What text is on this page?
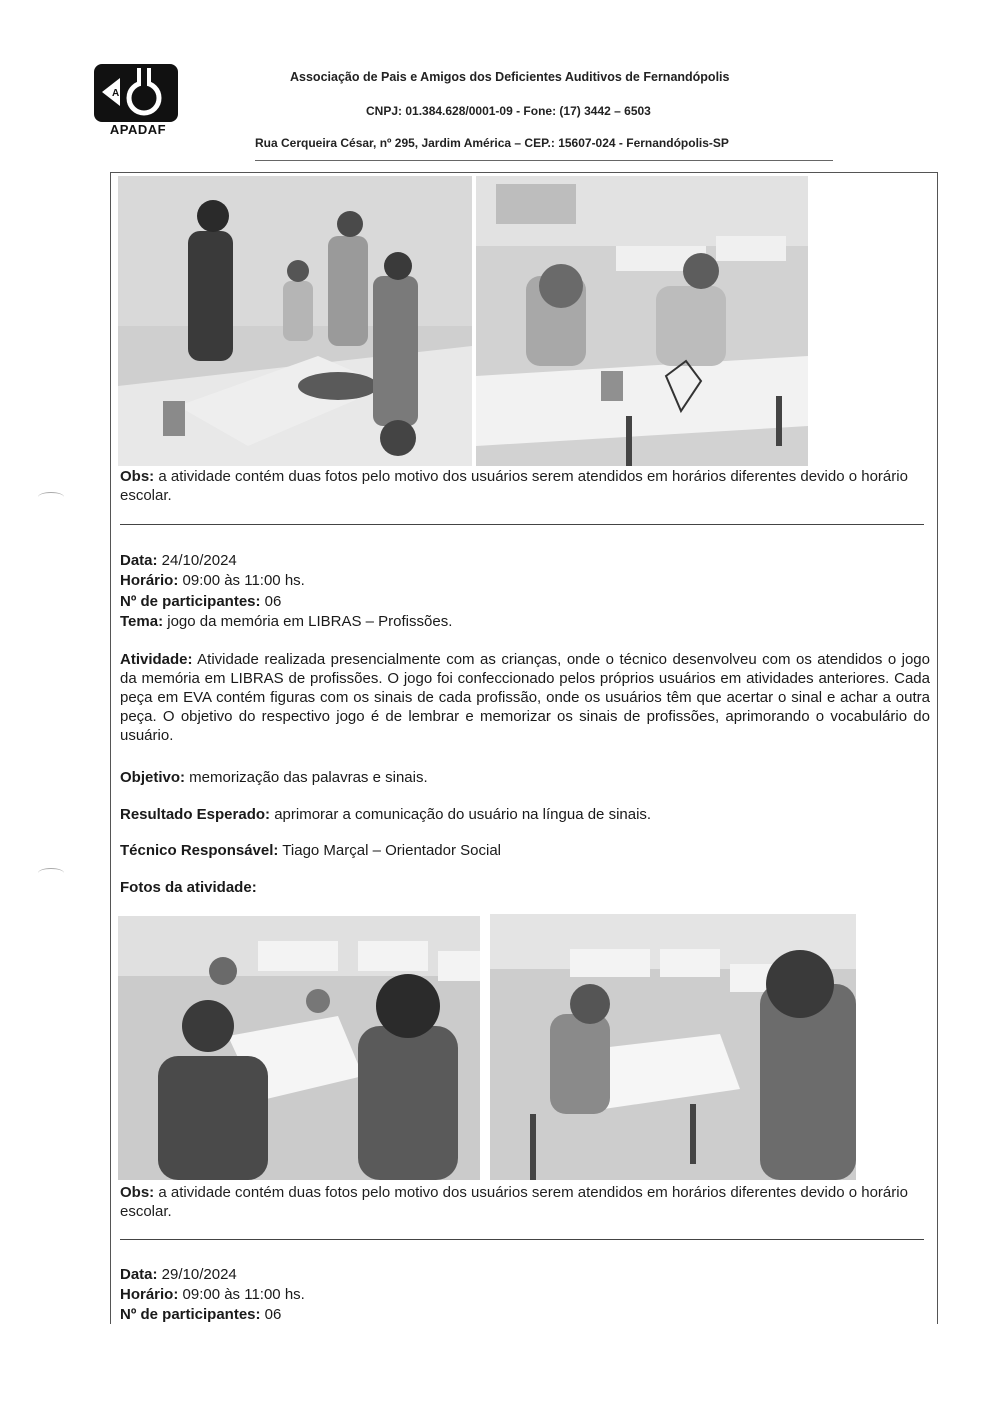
A
APADAF
Associação de Pais e Amigos dos Deficientes Auditivos de Fernandópolis
CNPJ: 01.384.628/0001-09 - Fone: (17) 3442 – 6503
Rua Cerqueira César, nº 295, Jardim América – CEP.: 15607-024 - Fernandópolis-SP
Obs: a atividade contém duas fotos pelo motivo dos usuários serem atendidos em horários diferentes devido o horário escolar.
Data: 24/10/2024
Horário: 09:00 às 11:00 hs.
Nº de participantes: 06
Tema: jogo da memória em LIBRAS – Profissões.
Atividade: Atividade realizada presencialmente com as crianças, onde o técnico desenvolveu com os atendidos o jogo da memória em LIBRAS de profissões. O jogo foi confeccionado pelos próprios usuários em atividades anteriores. Cada peça em EVA contém figuras com os sinais de cada profissão, onde os usuários têm que acertar o sinal e achar a outra peça. O objetivo do respectivo jogo é de lembrar e memorizar os sinais de profissões, aprimorando o vocabulário do usuário.
Objetivo: memorização das palavras e sinais.
Resultado Esperado: aprimorar a comunicação do usuário na língua de sinais.
Técnico Responsável: Tiago Marçal – Orientador Social
Fotos da atividade:
Obs: a atividade contém duas fotos pelo motivo dos usuários serem atendidos em horários diferentes devido o horário escolar.
Data: 29/10/2024
Horário: 09:00 às 11:00 hs.
Nº de participantes: 06
